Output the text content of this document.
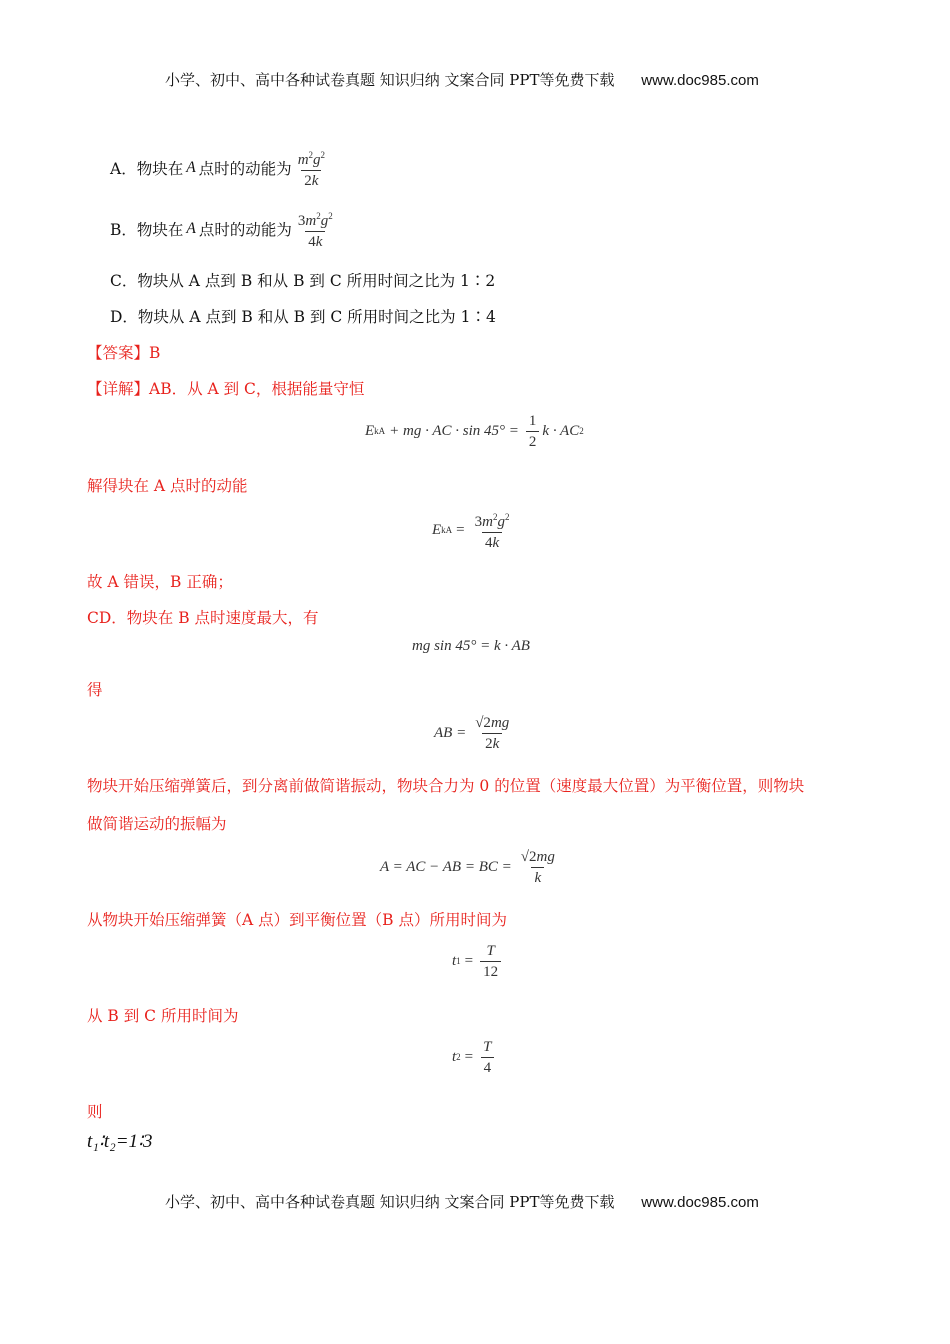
小学、初中、高中各种试卷真题 知识归纳 文案合同 PPT等免费下载 www.doc985.com
A．物块在 A 点时的动能为 $\frac{m^2g^2}{2k}$
B．物块在 A 点时的动能为 $\frac{3m^2g^2}{4k}$
C．物块从 A 点到 B 和从 B 到 C 所用时间之比为 1∶2
D．物块从 A 点到 B 和从 B 到 C 所用时间之比为 1∶4
【答案】B
【详解】AB．从 A 到 C，根据能量守恒
E kA + mg · AC · $\sin 45^\circ = \frac{1}{2}$ k · AC 2
解得块在 A 点时的动能
E kA = $\frac{3m^2g^2}{4k}$
故 A 错误，B 正确；
CD．物块在 B 点时速度最大，有
mg sin 45° = k · AB
得
AB = $\frac{√2mg}{2k}$
物块开始压缩弹簧后，到分离前做简谐振动，物块合力为 0 的位置（速度最大位置）为平衡位置，则物块
做简谐运动的振幅为
A = AC − AB = BC = $\frac{√2mg}{k}$
从物块开始压缩弹簧（A 点）到平衡位置（B 点）所用时间为
t $1 = \frac{T}{12}$
从 B 到 C 所用时间为
t $2 = \frac{T}{4}$
则
t₁∶t₂=1∶3
小学、初中、高中各种试卷真题 知识归纳 文案合同 PPT等免费下载 www.doc985.com
